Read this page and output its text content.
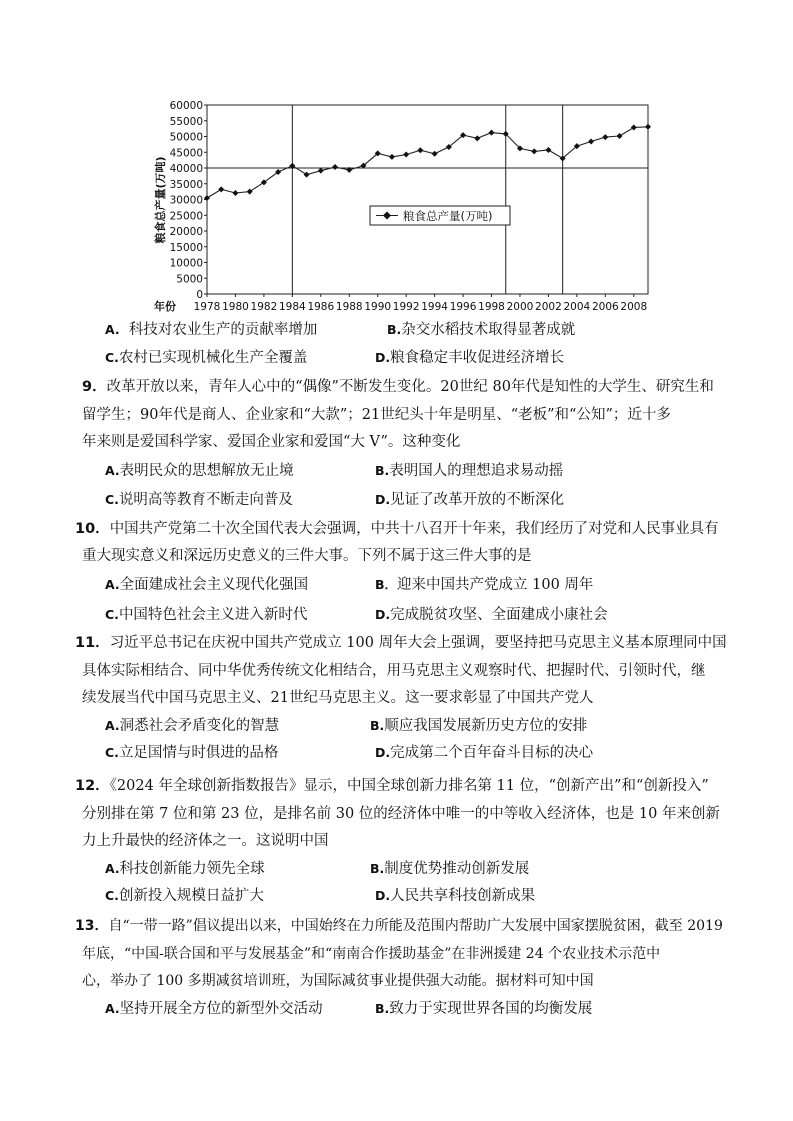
0
5000
10000
15000
20000
25000
30000
35000
40000
45000
50000
55000
60000
1978 1980 1982 1984 1986 1988 1990 1992 1994 1996 1998 2000 2002 2004 2006 2008
粮食总产量(万吨)
粮食总产量(万吨)
年份
A. 科技对农业生产的贡献率增加	B.杂交水稻技术取得显著成就
C.农村已实现机械化生产全覆盖	D.粮食稳定丰收促进经济增长
9．改革开放以来，青年人心中的“偶像”不断发生变化。20世纪 80年代是知性的大学生、研究生和
留学生；90年代是商人、企业家和“大款”；21世纪头十年是明星、“老板”和“公知”；近十多
年来则是爱国科学家、爱国企业家和爱国“大 V”。这种变化
A.表明民众的思想解放无止境	B.表明国人的理想追求易动摇
C.说明高等教育不断走向普及	D.见证了改革开放的不断深化
10．中国共产党第二十次全国代表大会强调，中共十八召开十年来，我们经历了对党和人民事业具有
重大现实意义和深远历史意义的三件大事。下列不属于这三件大事的是
A.全面建成社会主义现代化强国	B．迎来中国共产党成立 100 周年
C.中国特色社会主义进入新时代	D.完成脱贫攻坚、全面建成小康社会
11．习近平总书记在庆祝中国共产党成立 100 周年大会上强调，要坚持把马克思主义基本原理同中国
具体实际相结合、同中华优秀传统文化相结合，用马克思主义观察时代、把握时代、引领时代，继
续发展当代中国马克思主义、21世纪马克思主义。这一要求彰显了中国共产党人
A.洞悉社会矛盾变化的智慧	B.顺应我国发展新历史方位的安排
C.立足国情与时俱进的品格	D.完成第二个百年奋斗目标的决心
12．《2024 年全球创新指数报告》显示，中国全球创新力排名第 11 位，“创新产出”和“创新投入”
分别排在第 7 位和第 23 位，是排名前 30 位的经济体中唯一的中等收入经济体，也是 10 年来创新
力上升最快的经济体之一。这说明中国
A.科技创新能力领先全球	B.制度优势推动创新发展
C.创新投入规模日益扩大	D.人民共享科技创新成果
13．自“一带一路”倡议提出以来，中国始终在力所能及范围内帮助广大发展中国家摆脱贫困，截至 2019
年底，“中国-联合国和平与发展基金”和“南南合作援助基金”在非洲援建 24 个农业技术示范中
心，举办了 100 多期减贫培训班，为国际减贫事业提供强大动能。据材料可知中国
A.坚持开展全方位的新型外交活动	B.致力于实现世界各国的均衡发展
